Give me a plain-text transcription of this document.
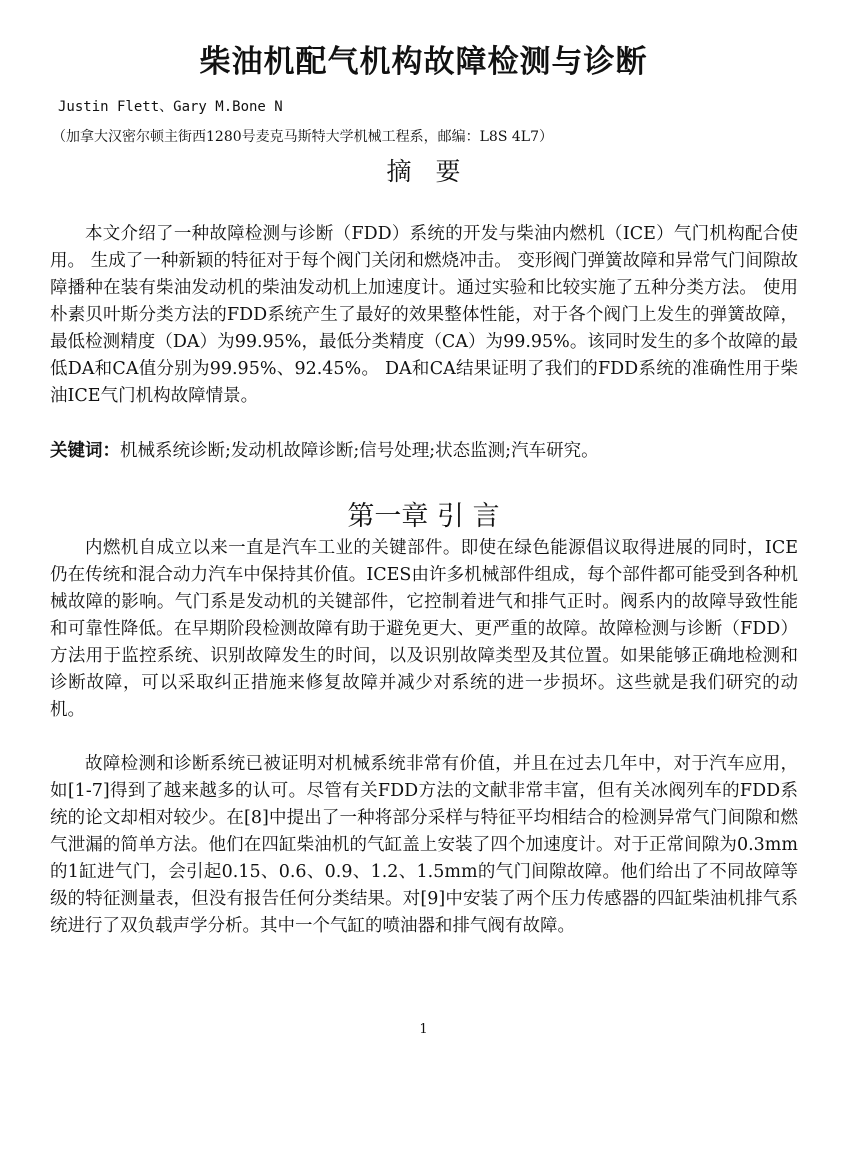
柴油机配气机构故障检测与诊断
Justin Flett、Gary M.Bone N
（加拿大汉密尔顿主街西1280号麦克马斯特大学机械工程系，邮编：L8S 4L7）
摘要

本文介绍了一种故障检测与诊断（FDD）系统的开发与柴油内燃机（ICE）气门机构配合使用。 生成了一种新颖的特征对于每个阀门关闭和燃烧冲击。 变形阀门弹簧故障和异常气门间隙故障播种在装有柴油发动机的柴油发动机上加速度计。通过实验和比较实施了五种分类方法。 使用朴素贝叶斯分类方法的FDD系统产生了最好的效果整体性能，对于各个阀门上发生的弹簧故障，最低检测精度（DA）为99.95%，最低分类精度（CA）为99.95%。该同时发生的多个故障的最低DA和CA值分别为99.95%、92.45%。 DA和CA结果证明了我们的FDD系统的准确性用于柴油ICE气门机构故障情景。

关键词：机械系统诊断;发动机故障诊断;信号处理;状态监测;汽车研究。
第一章 引 言

内燃机自成立以来一直是汽车工业的关键部件。即使在绿色能源倡议取得进展的同时，ICE仍在传统和混合动力汽车中保持其价值。ICES由许多机械部件组成，每个部件都可能受到各种机械故障的影响。气门系是发动机的关键部件，它控制着进气和排气正时。阀系内的故障导致性能和可靠性降低。在早期阶段检测故障有助于避免更大、更严重的故障。故障检测与诊断（FDD）方法用于监控系统、识别故障发生的时间，以及识别故障类型及其位置。如果能够正确地检测和诊断故障，可以采取纠正措施来修复故障并减少对系统的进一步损坏。这些就是我们研究的动机。

故障检测和诊断系统已被证明对机械系统非常有价值，并且在过去几年中，对于汽车应用，如[1-7]得到了越来越多的认可。尽管有关FDD方法的文献非常丰富，但有关冰阀列车的FDD系统的论文却相对较少。在[8]中提出了一种将部分采样与特征平均相结合的检测异常气门间隙和燃气泄漏的简单方法。他们在四缸柴油机的气缸盖上安装了四个加速度计。对于正常间隙为0.3mm的1缸进气门，会引起0.15、0.6、0.9、1.2、1.5mm的气门间隙故障。他们给出了不同故障等级的特征测量表，但没有报告任何分类结果。对[9]中安装了两个压力传感器的四缸柴油机排气系统进行了双负载声学分析。其中一个气缸的喷油器和排气阀有故障。

1
